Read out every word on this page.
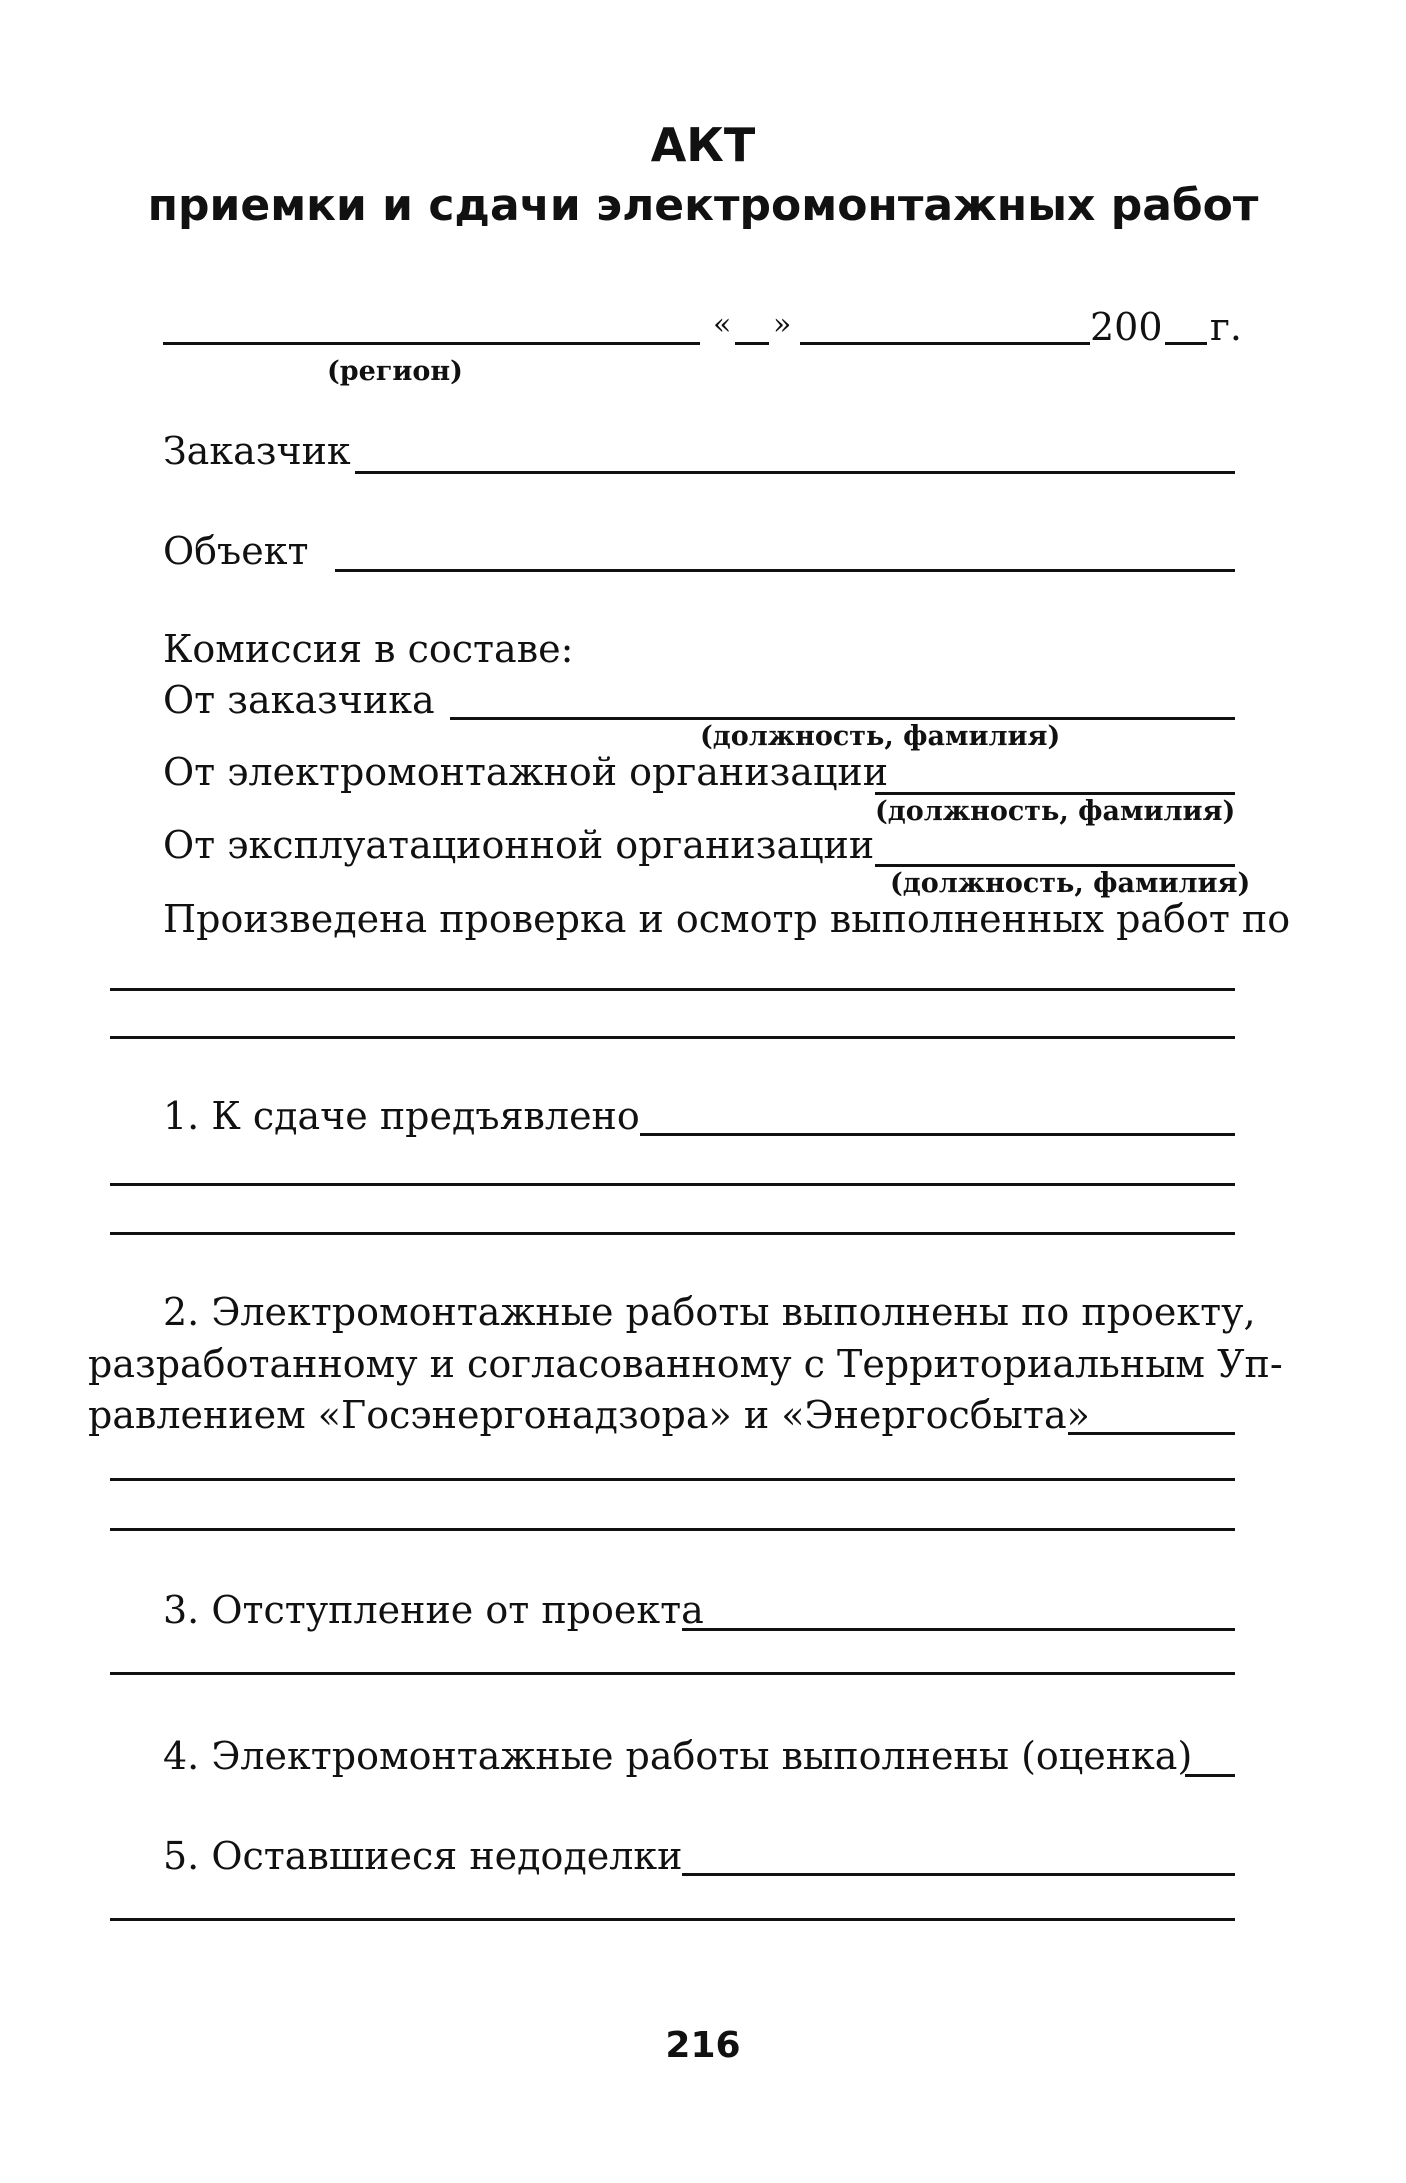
АКТ
приемки и сдачи электромонтажных работ
« »	200 г.
(регион)
Заказчик
Объект
Комиссия в составе:
От заказчика
(должность, фамилия)
От электромонтажной организации
(должность, фамилия)
От эксплуатационной организации
(должность, фамилия)
Произведена проверка и осмотр выполненных работ по
1. К сдаче предъявлено
2. Электромонтажные работы выполнены по проекту,
разработанному и согласованному с Территориальным Уп-
равлением «Госэнергонадзора» и «Энергосбыта»
3. Отступление от проекта
4. Электромонтажные работы выполнены (оценка)
5. Оставшиеся недоделки
216
